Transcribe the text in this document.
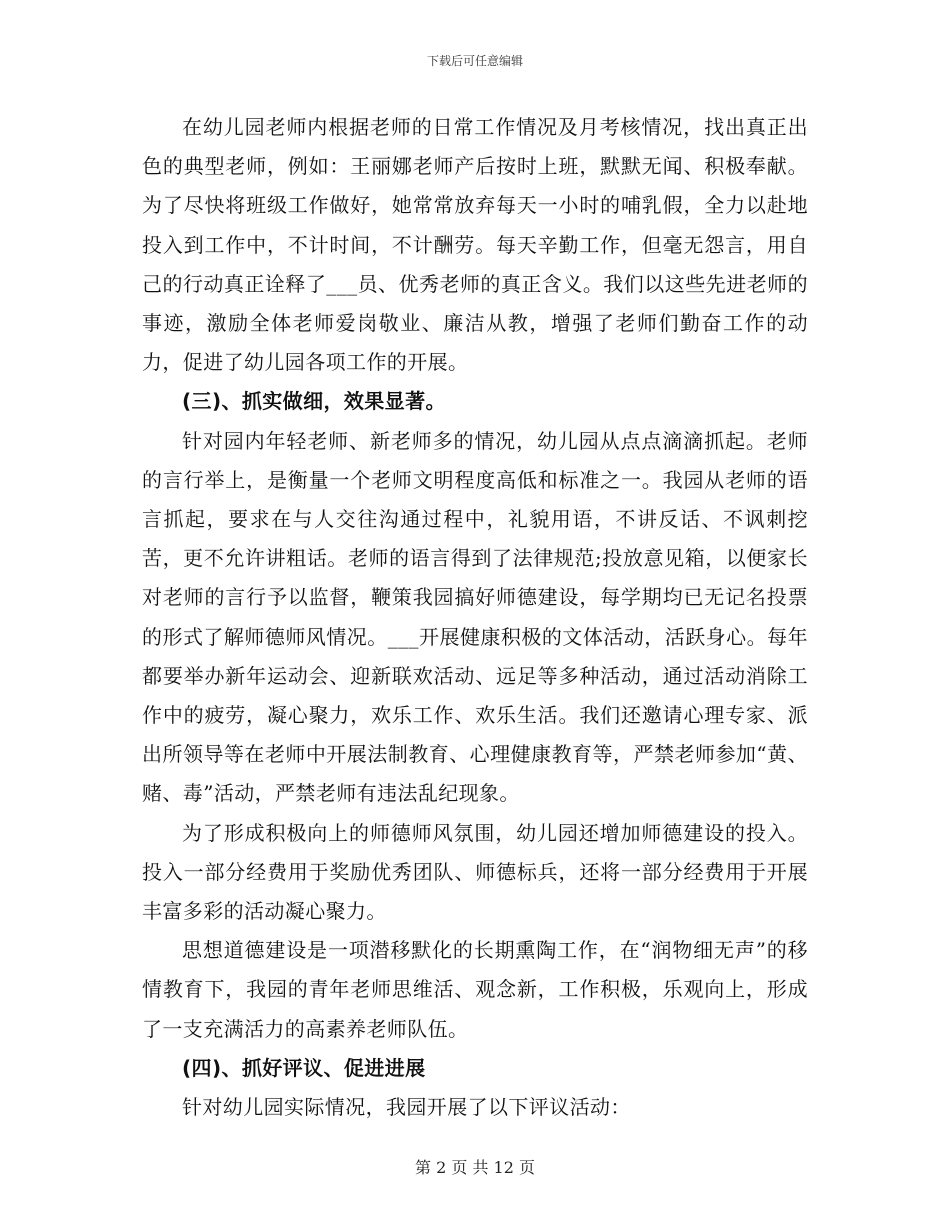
下载后可任意编辑

在幼儿园老师内根据老师的日常工作情况及月考核情况，找出真正出色的典型老师，例如：王丽娜老师产后按时上班，默默无闻、积极奉献。为了尽快将班级工作做好，她常常放弃每天一小时的哺乳假，全力以赴地投入到工作中，不计时间，不计酬劳。每天辛勤工作，但毫无怨言，用自己的行动真正诠释了___员、优秀老师的真正含义。我们以这些先进老师的事迹，激励全体老师爱岗敬业、廉洁从教，增强了老师们勤奋工作的动力，促进了幼儿园各项工作的开展。

(三)、抓实做细，效果显著。

针对园内年轻老师、新老师多的情况，幼儿园从点点滴滴抓起。老师的言行举上，是衡量一个老师文明程度高低和标准之一。我园从老师的语言抓起，要求在与人交往沟通过程中，礼貌用语，不讲反话、不讽刺挖苦，更不允许讲粗话。老师的语言得到了法律规范;投放意见箱，以便家长对老师的言行予以监督，鞭策我园搞好师德建设，每学期均已无记名投票的形式了解师德师风情况。___开展健康积极的文体活动，活跃身心。每年都要举办新年运动会、迎新联欢活动、远足等多种活动，通过活动消除工作中的疲劳，凝心聚力，欢乐工作、欢乐生活。我们还邀请心理专家、派出所领导等在老师中开展法制教育、心理健康教育等，严禁老师参加“黄、赌、毒”活动，严禁老师有违法乱纪现象。

为了形成积极向上的师德师风氛围，幼儿园还增加师德建设的投入。投入一部分经费用于奖励优秀团队、师德标兵，还将一部分经费用于开展丰富多彩的活动凝心聚力。

思想道德建设是一项潜移默化的长期熏陶工作，在“润物细无声”的移情教育下，我园的青年老师思维活、观念新，工作积极，乐观向上，形成了一支充满活力的高素养老师队伍。

(四)、抓好评议、促进进展

针对幼儿园实际情况，我园开展了以下评议活动：

第 2 页 共 12 页
